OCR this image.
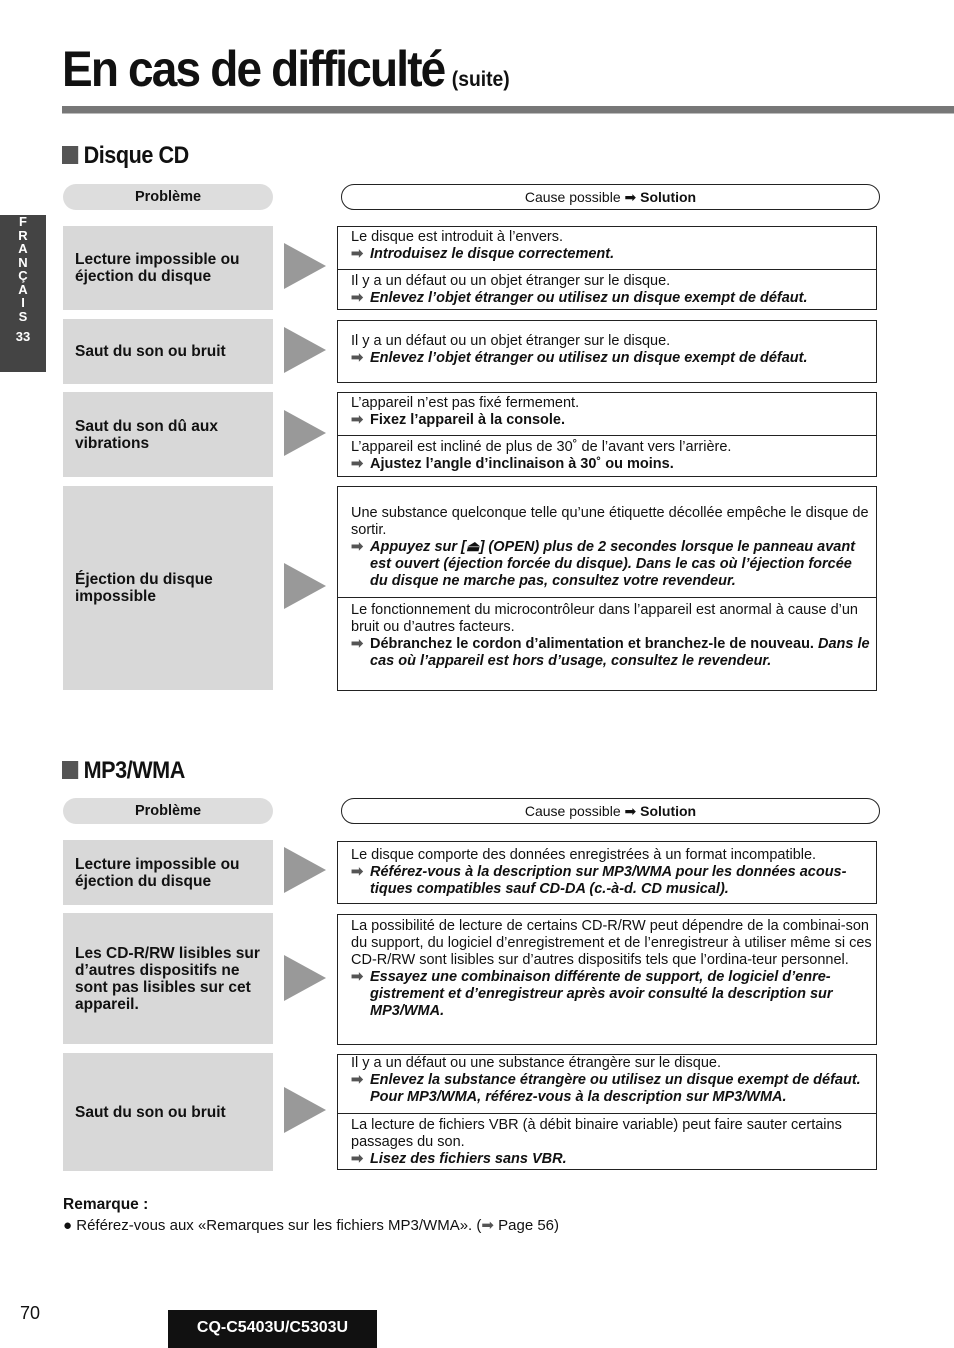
En cas de difficulté (suite)
F
R
A
N
Ç
A
I
S
33
Disque CD
Problème	Cause possible ➡ Solution
Lecture impossible ou éjection du disque
Le disque est introduit à l’envers.
➡ Introduisez le disque correctement.
Il y a un défaut ou un objet étranger sur le disque.
➡ Enlevez l’objet étranger ou utilisez un disque exempt de défaut.
Saut du son ou bruit
Il y a un défaut ou un objet étranger sur le disque.
➡ Enlevez l’objet étranger ou utilisez un disque exempt de défaut.
Saut du son dû aux vibrations
L’appareil n’est pas fixé fermement.
➡ Fixez l’appareil à la console.
L’appareil est incliné de plus de 30˚ de l’avant vers l’arrière.
➡ Ajustez l’angle d’inclinaison à 30˚ ou moins.
Éjection du disque impossible
Une substance quelconque telle qu’une étiquette décollée empêche le disque de sortir.
➡ Appuyez sur [⏏] (OPEN) plus de 2 secondes lorsque le panneau avant est ouvert (éjection forcée du disque). Dans le cas où l’éjection forcée du disque ne marche pas, consultez votre revendeur.
Le fonctionnement du microcontrôleur dans l’appareil est anormal à cause d’un bruit ou d’autres facteurs.
➡ Débranchez le cordon d’alimentation et branchez-le de nouveau. Dans le cas où l’appareil est hors d’usage, consultez le revendeur.
MP3/WMA
Problème	Cause possible ➡ Solution
Lecture impossible ou éjection du disque
Le disque comporte des données enregistrées à un format incompatible.
➡ Référez-vous à la description sur MP3/WMA pour les données acous-tiques compatibles sauf CD-DA (c.-à-d. CD musical).
Les CD-R/RW lisibles sur d’autres dispositifs ne sont pas lisibles sur cet appareil.
La possibilité de lecture de certains CD-R/RW peut dépendre de la combinai-son du support, du logiciel d’enregistrement et de l’enregistreur à utiliser même si ces CD-R/RW sont lisibles sur d’autres dispositifs tels que l’ordina-teur personnel.
➡ Essayez une combinaison différente de support, de logiciel d’enre-gistrement et d’enregistreur après avoir consulté la description sur MP3/WMA.
Saut du son ou bruit
Il y a un défaut ou une substance étrangère sur le disque.
➡ Enlevez la substance étrangère ou utilisez un disque exempt de défaut. Pour MP3/WMA, référez-vous à la description sur MP3/WMA.
La lecture de fichiers VBR (à débit binaire variable) peut faire sauter certains passages du son.
➡ Lisez des fichiers sans VBR.
Remarque :
● Référez-vous aux «Remarques sur les fichiers MP3/WMA». (➡ Page 56)
70
CQ-C5403U/C5303U
